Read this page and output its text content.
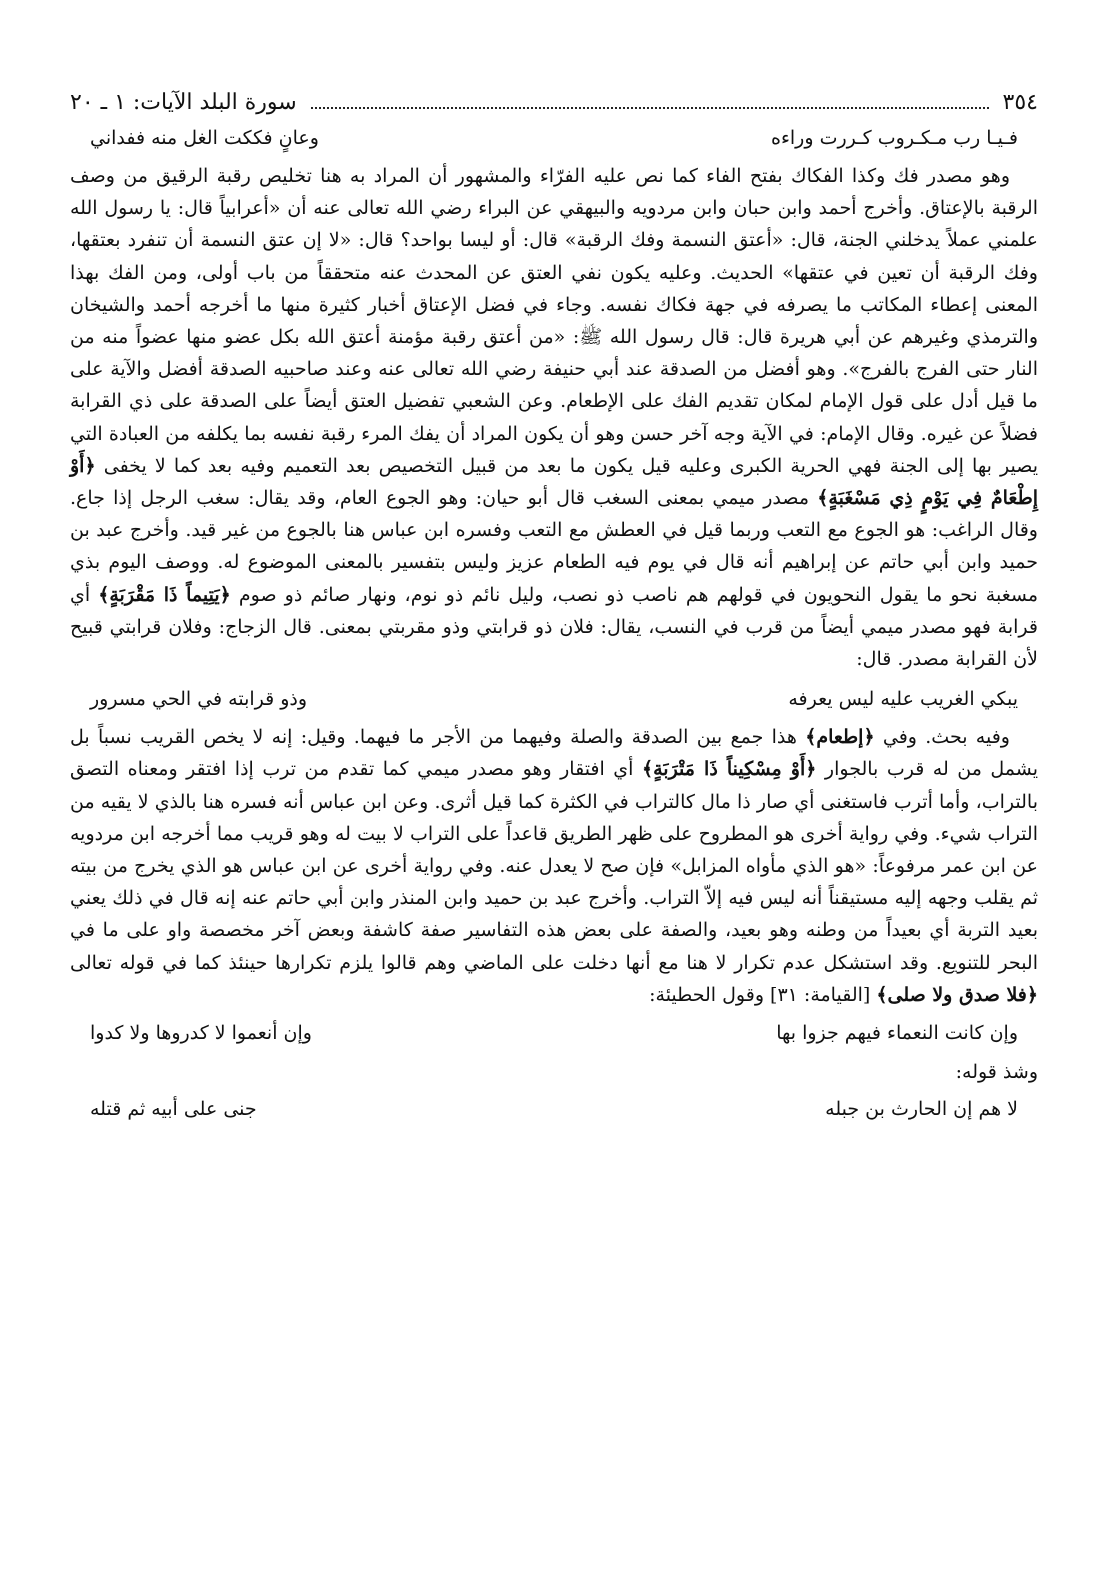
٣٥٤
سورة البلد الآيات: ١ ـ ٢٠
فـيـا رب مـكـروب كـررت وراءه
وعانٍ فككت الغل منه ففداني

وهو مصدر فك وكذا الفكاك بفتح الفاء كما نص عليه الفرّاء والمشهور أن المراد به هنا تخليص رقبة الرقيق من وصف الرقبة بالإعتاق. وأخرج أحمد وابن حبان وابن مردويه والبيهقي عن البراء رضي الله تعالى عنه أن «أعرابياً قال: يا رسول الله علمني عملاً يدخلني الجنة، قال: «أعتق النسمة وفك الرقبة» قال: أو ليسا بواحد؟ قال: «لا إن عتق النسمة أن تنفرد بعتقها، وفك الرقبة أن تعين في عتقها» الحديث. وعليه يكون نفي العتق عن المحدث عنه متحققاً من باب أولى، ومن الفك بهذا المعنى إعطاء المكاتب ما يصرفه في جهة فكاك نفسه. وجاء في فضل الإعتاق أخبار كثيرة منها ما أخرجه أحمد والشيخان والترمذي وغيرهم عن أبي هريرة قال: قال رسول الله ﷺ: «من أعتق رقبة مؤمنة أعتق الله بكل عضو منها عضواً منه من النار حتى الفرج بالفرج». وهو أفضل من الصدقة عند أبي حنيفة رضي الله تعالى عنه وعند صاحبيه الصدقة أفضل والآية على ما قيل أدل على قول الإمام لمكان تقديم الفك على الإطعام. وعن الشعبي تفضيل العتق أيضاً على الصدقة على ذي القرابة فضلاً عن غيره. وقال الإمام: في الآية وجه آخر حسن وهو أن يكون المراد أن يفك المرء رقبة نفسه بما يكلفه من العبادة التي يصير بها إلى الجنة فهي الحرية الكبرى وعليه قيل يكون ما بعد من قبيل التخصيص بعد التعميم وفيه بعد كما لا يخفى ﴿أَوْ إِطْعَامٌ فِي يَوْمٍ ذِي مَسْغَبَةٍ﴾ مصدر ميمي بمعنى السغب قال أبو حيان: وهو الجوع العام، وقد يقال: سغب الرجل إذا جاع. وقال الراغب: هو الجوع مع التعب وربما قيل في العطش مع التعب وفسره ابن عباس هنا بالجوع من غير قيد. وأخرج عبد بن حميد وابن أبي حاتم عن إبراهيم أنه قال في يوم فيه الطعام عزيز وليس بتفسير بالمعنى الموضوع له. ووصف اليوم بذي مسغبة نحو ما يقول النحويون في قولهم هم ناصب ذو نصب، وليل نائم ذو نوم، ونهار صائم ذو صوم ﴿يَتِيماً ذَا مَقْرَبَةٍ﴾ أي قرابة فهو مصدر ميمي أيضاً من قرب في النسب، يقال: فلان ذو قرابتي وذو مقربتي بمعنى. قال الزجاج: وفلان قرابتي قبيح لأن القرابة مصدر. قال:

يبكي الغريب عليه ليس يعرفه
وذو قرابته في الحي مسرور

وفيه بحث. وفي ﴿إطعام﴾ هذا جمع بين الصدقة والصلة وفيهما من الأجر ما فيهما. وقيل: إنه لا يخص القريب نسباً بل يشمل من له قرب بالجوار ﴿أَوْ مِسْكِيناً ذَا مَتْرَبَةٍ﴾ أي افتقار وهو مصدر ميمي كما تقدم من ترب إذا افتقر ومعناه التصق بالتراب، وأما أترب فاستغنى أي صار ذا مال كالتراب في الكثرة كما قيل أثرى. وعن ابن عباس أنه فسره هنا بالذي لا يقيه من التراب شيء. وفي رواية أخرى هو المطروح على ظهر الطريق قاعداً على التراب لا بيت له وهو قريب مما أخرجه ابن مردويه عن ابن عمر مرفوعاً: «هو الذي مأواه المزابل» فإن صح لا يعدل عنه. وفي رواية أخرى عن ابن عباس هو الذي يخرج من بيته ثم يقلب وجهه إليه مستيقناً أنه ليس فيه إلاّ التراب. وأخرج عبد بن حميد وابن المنذر وابن أبي حاتم عنه إنه قال في ذلك يعني بعيد التربة أي بعيداً من وطنه وهو بعيد، والصفة على بعض هذه التفاسير صفة كاشفة وبعض آخر مخصصة واو على ما في البحر للتنويع. وقد استشكل عدم تكرار لا هنا مع أنها دخلت على الماضي وهم قالوا يلزم تكرارها حينئذ كما في قوله تعالى ﴿فلا صدق ولا صلى﴾ [القيامة: ٣١] وقول الحطيئة:

وإن كانت النعماء فيهم جزوا بها
وإن أنعموا لا كدروها ولا كدوا
وشذ قوله:
لا هم إن الحارث بن جبله
جنى على أبيه ثم قتله
